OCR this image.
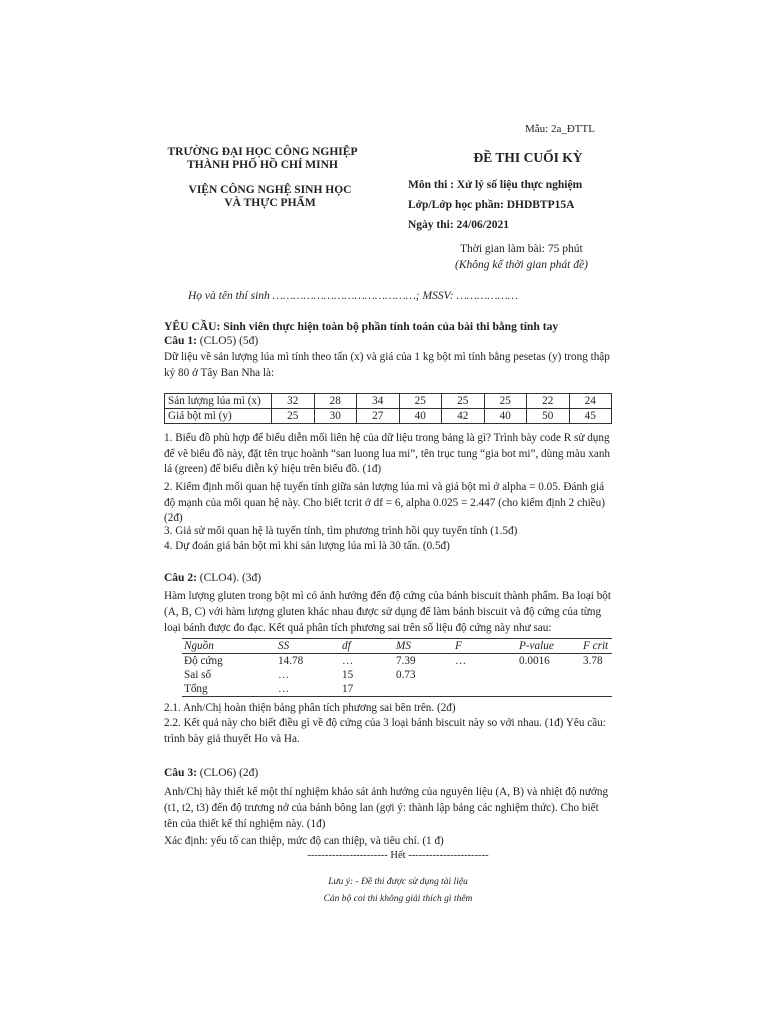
Mẫu: 2a_ĐTTL
TRƯỜNG ĐẠI HỌC CÔNG NGHIỆP
THÀNH PHỐ HỒ CHÍ MINH
VIỆN CÔNG NGHỆ SINH HỌC
VÀ THỰC PHẨM
ĐỀ THI CUỐI KỲ
Môn thi : Xử lý số liệu thực nghiệm
Lớp/Lớp học phần: DHDBTP15A
Ngày thi: 24/06/2021
Thời gian làm bài: 75 phút
(Không kể thời gian phát đề)
Họ và tên thí sinh ……………………………………; MSSV: ………………
YÊU CẦU: Sinh viên thực hiện toàn bộ phần tính toán của bài thi bằng tính tay
Câu 1: (CLO5) (5đ)
Dữ liệu về sản lượng lúa mì tính theo tấn (x) và giá của 1 kg bột mì tính bằng pesetas (y) trong thập kỷ 80 ở Tây Ban Nha là:
Sản lượng lúa mì (x)	32	28	34	25	25	25	22	24
Giá bột mì (y)	25	30	27	40	42	40	50	45
1. Biểu đồ phù hợp để biểu diễn mối liên hệ của dữ liệu trong bảng là gì? Trình bày code R sử dụng để vẽ biểu đồ này, đặt tên trục hoành “san luong lua mi”, tên trục tung “gia bot mi”, dùng màu xanh lá (green) để biểu diễn ký hiệu trên biểu đồ. (1đ)
2. Kiểm định mối quan hệ tuyến tính giữa sản lượng lúa mì và giá bột mì ở alpha = 0.05. Đánh giá độ mạnh của mối quan hệ này. Cho biết tcrit ở df = 6, alpha 0.025 = 2.447 (cho kiểm định 2 chiều) (2đ)
3. Giả sử mối quan hệ là tuyến tính, tìm phương trình hồi quy tuyến tính (1.5đ)
4. Dự đoán giá bán bột mì khi sản lượng lúa mì là 30 tấn. (0.5đ)
Câu 2: (CLO4). (3đ)
Hàm lượng gluten trong bột mì có ảnh hưởng đến độ cứng của bánh biscuit thành phẩm. Ba loại bột (A, B, C) với hàm lượng gluten khác nhau được sử dụng để làm bánh biscuit và độ cứng của từng loại bánh được đo đạc. Kết quả phân tích phương sai trên số liệu độ cứng này như sau:
Nguồn	SS	df	MS	F	P-value	F crit
Độ cứng	14.78	…	7.39	…	0.0016	3.78
Sai số	…	15	0.73			
Tổng	…	17				
2.1. Anh/Chị hoàn thiện bảng phân tích phương sai bên trên. (2đ)
2.2. Kết quả này cho biết điều gì về độ cứng của 3 loại bánh biscuit này so với nhau. (1đ) Yêu cầu: trình bày giả thuyết Ho và Ha.
Câu 3: (CLO6) (2đ)
Anh/Chị hãy thiết kế một thí nghiệm khảo sát ảnh hưởng của nguyên liệu (A, B) và nhiệt độ nướng (t1, t2, t3) đến độ trương nở của bánh bông lan (gợi ý: thành lập bảng các nghiệm thức). Cho biết tên của thiết kế thí nghiệm này. (1đ)
Xác định: yếu tố can thiệp, mức độ can thiệp, và tiêu chí. (1 đ)
----------------------- Hết -----------------------
Lưu ý: - Đề thi được sử dụng tài liệu
Cán bộ coi thi không giải thích gì thêm
